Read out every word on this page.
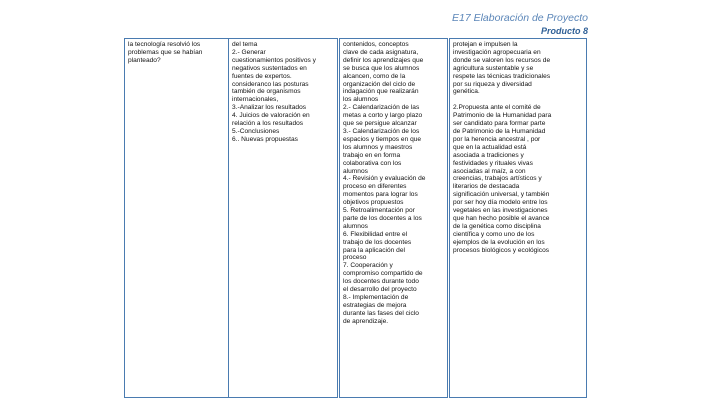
E17 Elaboración de Proyecto
Producto 8
la tecnología resolvió los
problemas que se habían
planteado?

del tema
2.- Generar
cuestionamientos positivos y
negativos sustentados en
fuentes de expertos.
consideranco las posturas
también de organismos
internacionales,
3.-Analizar los resultados
4. Juicios de valoración en
relación a los resultados
5.-Conclusiones
6.. Nuevas propuestas

contenidos, conceptos
clave de cada asignatura,
definir los aprendizajes que
se busca que los alumnos
alcancen, como de la
organización del ciclo de
indagación que realizarán
los alumnos
2.- Calendarización de las
metas a corto y largo plazo
que se persigue alcanzar
3.- Calendarización de los
espacios y tiempos en que
los alumnos y maestros
trabajo en en forma
colaborativa con los
alumnos
4.- Revisión y evaluación de
proceso en diferentes
momentos para lograr los
objetivos propuestos
5. Retroalimentación por
parte de los docentes a los
alumnos
6. Flexibilidad entre el
trabajo de los docentes
para la aplicación del
proceso
7. Cooperación y
compromiso compartido de
los docentes durante todo
el desarrollo del proyecto
8.- Implementación de
estrategias de mejora
durante las fases del ciclo
de aprendizaje.

protejan e impulsen la
investigación agropecuaria en
donde se valoren los recursos de
agricultura sustentable y se
respete las técnicas tradicionales
por su riqueza y diversidad
genética.

2.Propuesta ante el comité de
Patrimonio de la Humanidad para
ser candidato para formar parte
de Patrimonio de la Humanidad
por la herencia ancestral , por
que en la actualidad está
asociada a tradiciones y
festividades y rituales vivas
asociadas al maíz, a con
creencias, trabajos artísticos y
literarios de destacada
significación universal, y también
por ser hoy día modelo entre los
vegetales en las investigaciones
que han hecho posible el avance
de la genética como disciplina
científica y como uno de los
ejemplos de la evolución en los
procesos biológicos y ecológicos
